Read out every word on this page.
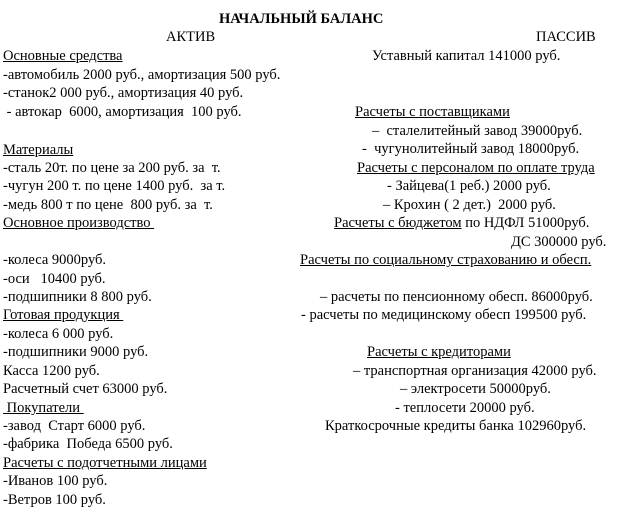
НАЧАЛЬНЫЙ БАЛАНС
АКТИВ	ПАССИВ
Основные средства
-автомобиль 2000 руб., амортизация 500 руб.
-станок2 000 руб., амортизация 40 руб.
- автокар  6000, амортизация  100 руб.
Материалы
-сталь 20т. по цене за 200 руб. за  т.
-чугун 200 т. по цене 1400 руб.  за т.
-медь 800 т по цене  800 руб. за  т.
Основное производство
-колеса 9000руб.
-оси   10400 руб.
-подшипники 8 800 руб.
Готовая продукция
-колеса 6 000 руб.
-подшипники 9000 руб.
Касса 1200 руб.
Расчетный счет 63000 руб.
Покупатели
-завод  Старт 6000 руб.
-фабрика  Победа 6500 руб.
Расчеты с подотчетными лицами
-Иванов 100 руб.
-Ветров 100 руб.
Уставный капитал 141000 руб.
Расчеты с поставщиками
–  сталелитейный завод 39000руб.
-  чугунолитейный завод 18000руб.
Расчеты с персоналом по оплате труда
- Зайцева(1 реб.) 2000 руб.
– Крохин ( 2 дет.)  2000 руб.
Расчеты с бюджетом по НДФЛ 51000руб.
ДС 300000 руб.
Расчеты по социальному страхованию и обесп.
– расчеты по пенсионному обесп. 86000руб.
- расчеты по медицинскому обесп 199500 руб.
Расчеты с кредиторами
– транспортная организация 42000 руб.
– электросети 50000руб.
- теплосети 20000 руб.
Краткосрочные кредиты банка 102960руб.
